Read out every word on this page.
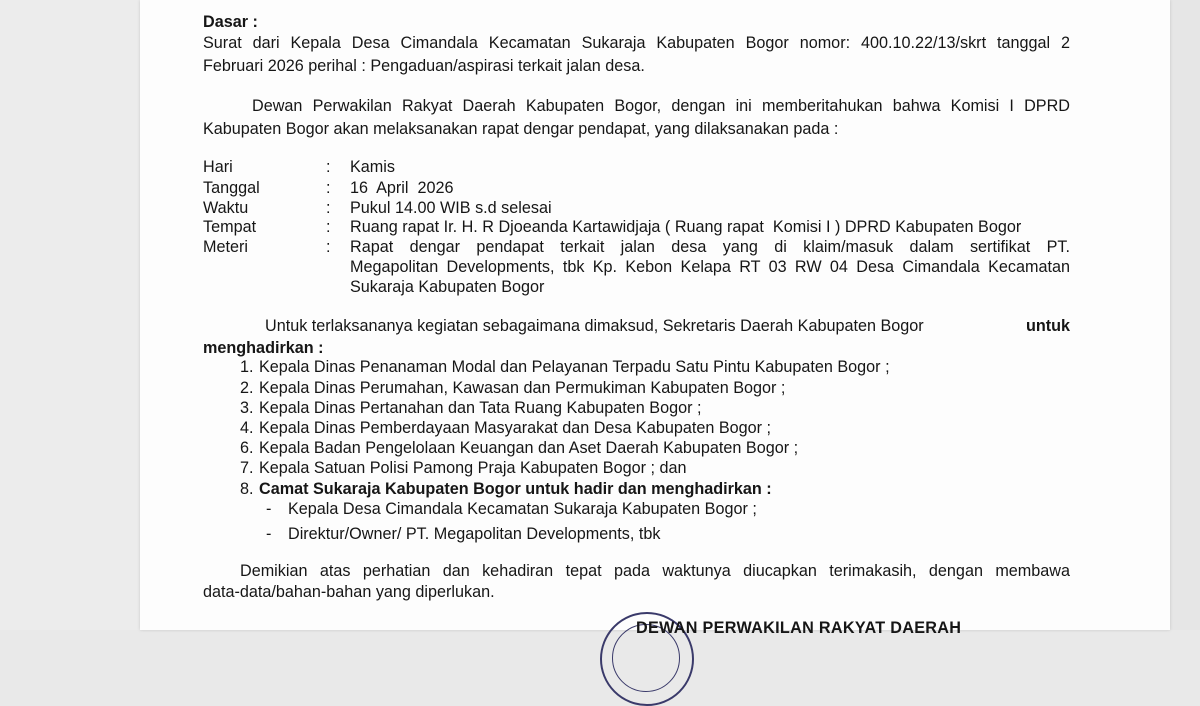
Dasar :
Surat dari Kepala Desa Cimandala Kecamatan Sukaraja Kabupaten Bogor nomor: 400.10.22/13/skrt tanggal 2
Februari 2026 perihal : Pengaduan/aspirasi terkait jalan desa.
Dewan Perwakilan Rakyat Daerah Kabupaten Bogor, dengan ini memberitahukan bahwa Komisi I DPRD
Kabupaten Bogor akan melaksanakan rapat dengar pendapat, yang dilaksanakan pada :
Hari	: Kamis
Tanggal	: 16  April  2026
Waktu	: Pukul 14.00 WIB s.d selesai
Tempat	: Ruang rapat Ir. H. R Djoeanda Kartawidjaja ( Ruang rapat  Komisi I ) DPRD Kabupaten Bogor
Meteri	: Rapat dengar pendapat terkait jalan desa yang di klaim/masuk dalam sertifikat PT.
Megapolitan Developments, tbk Kp. Kebon Kelapa RT 03 RW 04 Desa Cimandala Kecamatan
Sukaraja Kabupaten Bogor
Untuk terlaksananya kegiatan sebagaimana dimaksud, Sekretaris Daerah Kabupaten Bogor	untuk
menghadirkan :
1. Kepala Dinas Penanaman Modal dan Pelayanan Terpadu Satu Pintu Kabupaten Bogor ;
2. Kepala Dinas Perumahan, Kawasan dan Permukiman Kabupaten Bogor ;
3. Kepala Dinas Pertanahan dan Tata Ruang Kabupaten Bogor ;
4. Kepala Dinas Pemberdayaan Masyarakat dan Desa Kabupaten Bogor ;
6. Kepala Badan Pengelolaan Keuangan dan Aset Daerah Kabupaten Bogor ;
7. Kepala Satuan Polisi Pamong Praja Kabupaten Bogor ; dan
8. Camat Sukaraja Kabupaten Bogor untuk hadir dan menghadirkan :
- Kepala Desa Cimandala Kecamatan Sukaraja Kabupaten Bogor ;
- Direktur/Owner/ PT. Megapolitan Developments, tbk
Demikian atas perhatian dan kehadiran tepat pada waktunya diucapkan terimakasih, dengan membawa
data-data/bahan-bahan yang diperlukan.
DEWAN PERWAKILAN RAKYAT DAERAH
